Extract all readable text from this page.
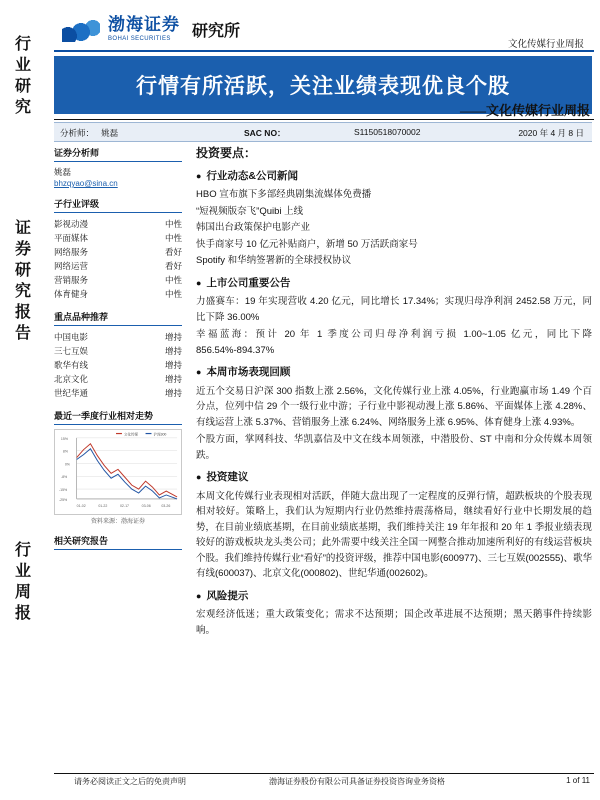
行
业
研
究
证
券
研
究
报
告
行
业
周
报
渤海证券
BOHAI SECURITIES	研究所
文化传媒行业周报
行情有所活跃，关注业绩表现优良个股
——文化传媒行业周报
分析师： 姚磊	SAC NO：	S1150518070002	2020 年 4 月 8 日
证券分析师
姚磊
bhzqyao@sina.cn
子行业评级
影视动漫	中性
平面媒体	中性
网络服务	看好
网络运营	看好
营销服务	中性
体育健身	中性
重点品种推荐
中国电影	增持
三七互娱	增持
歌华有线	增持
北京文化	增持
世纪华通	增持
最近一季度行业相对走势
15%
8%
0%
-8%
-15%
-25%
01-02	01-22	02-17	03-06	03-26
文化传媒	沪深300
资料来源：渤海证券
相关研究报告
投资要点：
● 行业动态&公司新闻

HBO 宣布旗下多部经典剧集流媒体免费播

“短视频版奈飞”Quibi 上线

韩国出台政策保护电影产业

快手商家号 10 亿元补贴商户，新增 50 万活跃商家号

Spotify 和华纳签署新的全球授权协议

● 上市公司重要公告

力盛赛车：19 年实现营收 4.20 亿元，同比增长 17.34%；实现归母净利润 2452.58 万元，同比下降 36.00%

幸福蓝海：预计 20 年 1 季度公司归母净利润亏损 1.00~1.05 亿元，同比下降 856.54%-894.37%

● 本周市场表现回顾

近五个交易日沪深 300 指数上涨 2.56%，文化传媒行业上涨 4.05%，行业跑赢市场 1.49 个百分点，位列中信 29 个一级行业中游；子行业中影视动漫上涨 5.86%、平面媒体上涨 4.28%、有线运营上涨 5.37%、营销服务上涨 6.24%、网络服务上涨 6.95%、体育健身上涨 4.93%。

个股方面，掌网科技、华凯嘉信及中文在线本周领涨，中潜股份、ST 中南和分众传媒本周领跌。

● 投资建议

本周文化传媒行业表现相对活跃，伴随大盘出现了一定程度的反弹行情，超跌板块的个股表现相对较好。策略上，我们认为短期内行业仍然维持震荡格局，继续看好行业中长期发展的趋势，在目前业绩底基期，在目前业绩底基期，我们维持关注 19 年年报和 20 年 1 季报业绩表现较好的游戏板块龙头类公司；此外需要中线关注全国一网整合推动加速所利好的有线运营板块个股。我们维持传媒行业“看好”的投资评级，推荐中国电影(600977)、三七互娱(002555)、歌华有线(600037)、北京文化(000802)、世纪华通(002602)。

● 风险提示

宏观经济低迷；重大政策变化；需求不达预期；国企改革进展不达预期；黑天鹅事件持续影响。

请务必阅读正文之后的免责声明	渤海证券股份有限公司具备证券投资咨询业务资格	1 of 11
